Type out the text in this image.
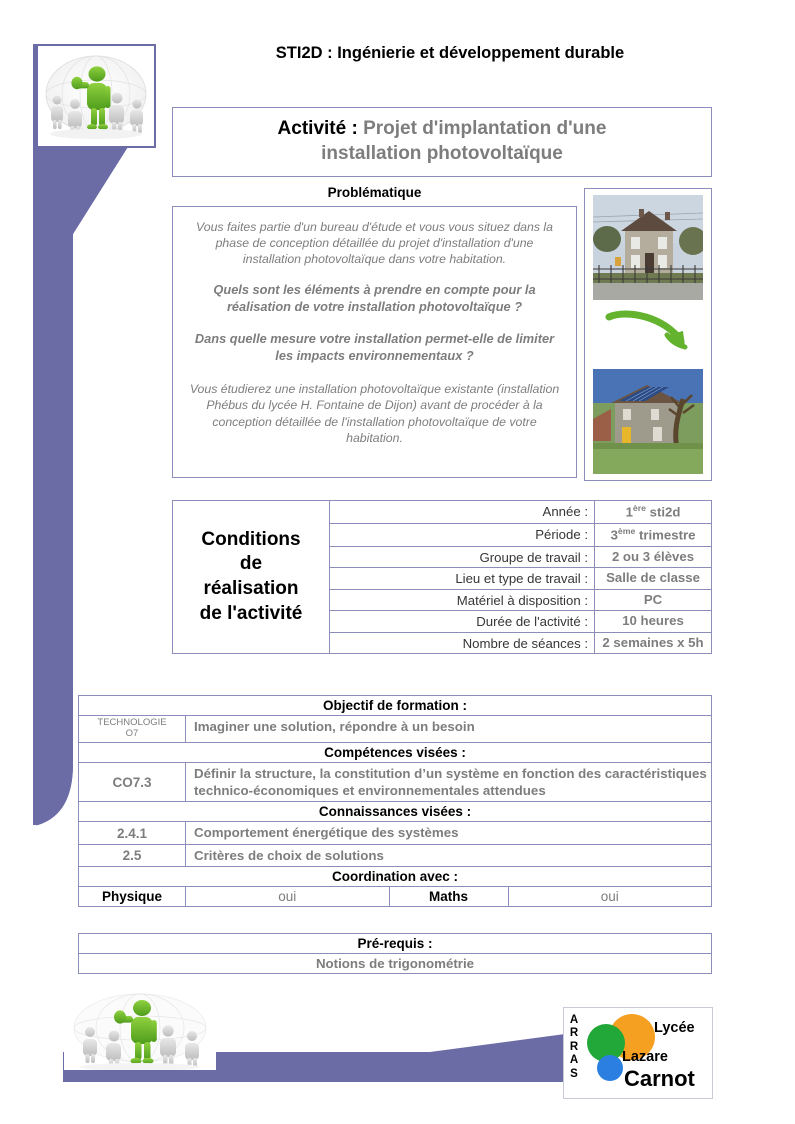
STI2D : Ingénierie et développement durable
Activité : Projet d'implantation d'une
installation photovoltaïque
Problématique

Vous faites partie d'un bureau d'étude et vous vous situez dans la phase de conception détaillée du projet d'installation d'une installation photovoltaïque dans votre habitation.

Quels sont les éléments à prendre en compte pour la réalisation de votre installation photovoltaïque ?

Dans quelle mesure votre installation permet-elle de limiter les impacts environnementaux ?

Vous étudierez une installation photovoltaïque existante (installation Phébus du lycée H. Fontaine de Dijon) avant de procéder à la conception détaillée de l'installation photovoltaïque de votre habitation.

Conditions
de
réalisation
de l'activité	Année :	1ère sti2d
	Période :	3ème trimestre
	Groupe de travail :	2 ou 3 élèves
	Lieu et type de travail :	Salle de classe
	Matériel à disposition :	PC
	Durée de l'activité :	10 heures
	Nombre de séances :	2 semaines x 5h
Objectif de formation :

TECHNOLOGIE
O7	Imaginer une solution, répondre à un besoin
Compétences visées :
CO7.3	Définir la structure, la constitution d’un système en fonction des caractéristiques technico-économiques et environnementales attendues
Connaissances visées :
2.4.1	Comportement énergétique des systèmes
2.5	Critères de choix de solutions
Coordination avec :
Physique		oui	Maths	oui
Pré-requis :
Notions de trigonométrie
A
R
R
A
S
Lycée
Lazare
Carnot
